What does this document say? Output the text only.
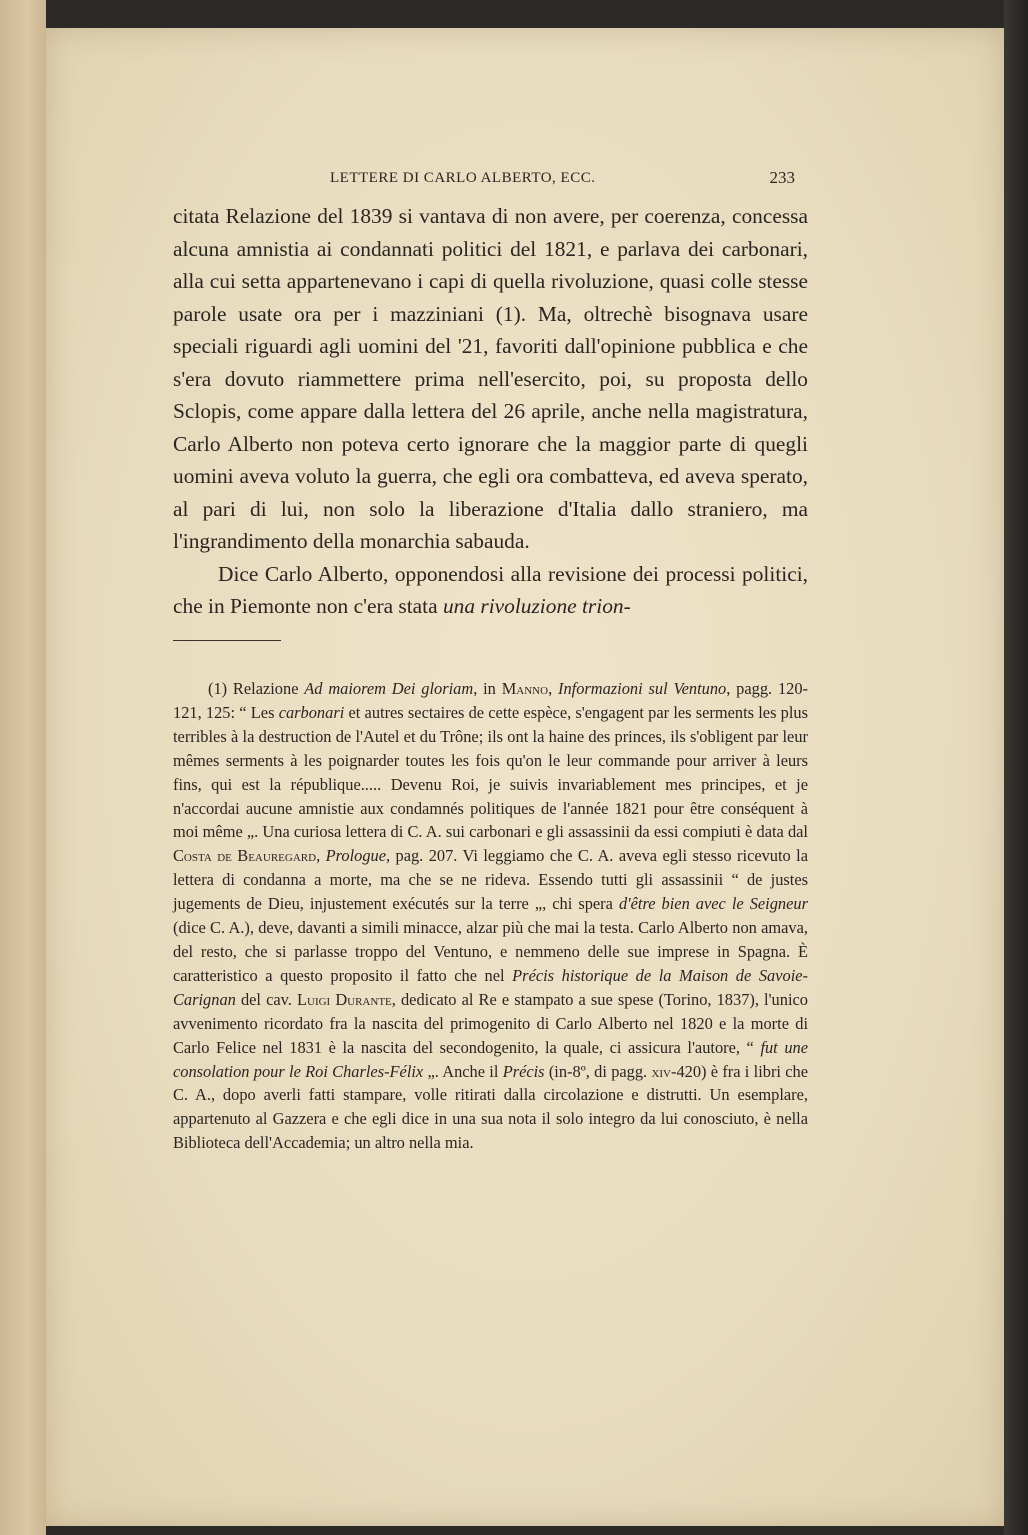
LETTERE DI CARLO ALBERTO, ECC.	233

citata Relazione del 1839 si vantava di non avere, per coerenza, concessa alcuna amnistia ai condannati politici del 1821, e parlava dei carbonari, alla cui setta appartenevano i capi di quella rivoluzione, quasi colle stesse parole usate ora per i mazziniani (1). Ma, oltrechè bisognava usare speciali riguardi agli uomini del '21, favoriti dall'opinione pubblica e che s'era dovuto riammettere prima nell'esercito, poi, su proposta dello Sclopis, come appare dalla lettera del 26 aprile, anche nella magistratura, Carlo Alberto non poteva certo ignorare che la maggior parte di quegli uomini aveva voluto la guerra, che egli ora combatteva, ed aveva sperato, al pari di lui, non solo la liberazione d'Italia dallo straniero, ma l'ingrandimento della monarchia sabauda.

Dice Carlo Alberto, opponendosi alla revisione dei processi politici, che in Piemonte non c'era stata una rivoluzione trion-

(1) Relazione Ad maiorem Dei gloriam, in Manno, Informazioni sul Ventuno, pagg. 120-121, 125: “ Les carbonari et autres sectaires de cette espèce, s'engagent par les serments les plus terribles à la destruction de l'Autel et du Trône; ils ont la haine des princes, ils s'obligent par leur mêmes serments à les poignarder toutes les fois qu'on le leur commande pour arriver à leurs fins, qui est la république..... Devenu Roi, je suivis invariablement mes principes, et je n'accordai aucune amnistie aux condamnés politiques de l'année 1821 pour être conséquent à moi même „. Una curiosa lettera di C. A. sui carbonari e gli assassinii da essi compiuti è data dal Costa de Beauregard, Prologue, pag. 207. Vi leggiamo che C. A. aveva egli stesso ricevuto la lettera di condanna a morte, ma che se ne rideva. Essendo tutti gli assassinii “ de justes jugements de Dieu, injustement exécutés sur la terre „, chi spera d'être bien avec le Seigneur (dice C. A.), deve, davanti a simili minacce, alzar più che mai la testa. Carlo Alberto non amava, del resto, che si parlasse troppo del Ventuno, e nemmeno delle sue imprese in Spagna. È caratteristico a questo proposito il fatto che nel Précis historique de la Maison de Savoie-Carignan del cav. Luigi Durante, dedicato al Re e stampato a sue spese (Torino, 1837), l'unico avvenimento ricordato fra la nascita del primogenito di Carlo Alberto nel 1820 e la morte di Carlo Felice nel 1831 è la nascita del secondogenito, la quale, ci assicura l'autore, “ fut une consolation pour le Roi Charles-Félix „. Anche il Précis (in-8º, di pagg. xiv-420) è fra i libri che C. A., dopo averli fatti stampare, volle ritirati dalla circolazione e distrutti. Un esemplare, appartenuto al Gazzera e che egli dice in una sua nota il solo integro da lui conosciuto, è nella Biblioteca dell'Accademia; un altro nella mia.
